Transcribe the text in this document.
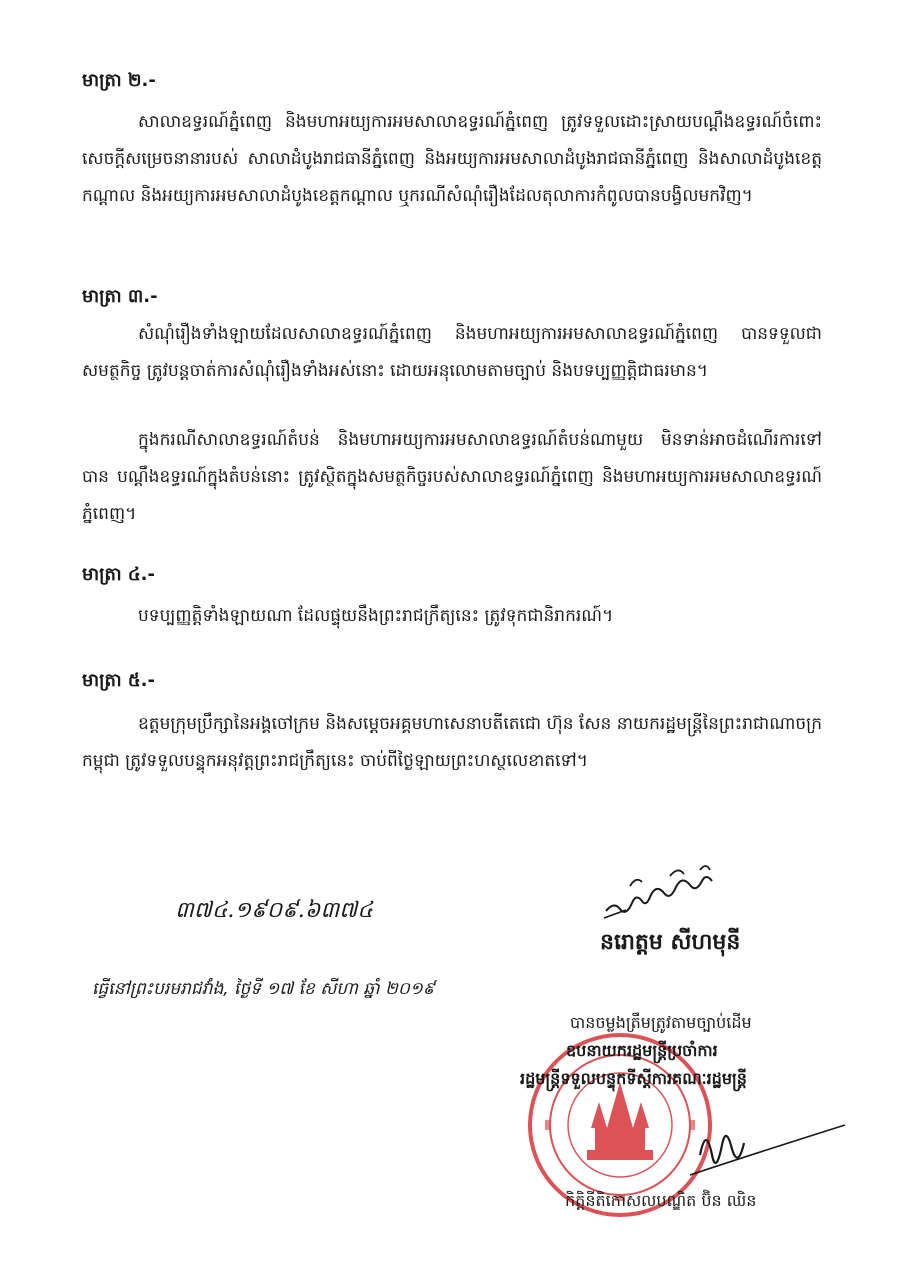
មាត្រា ២.-

សាលាឧទ្ធរណ៍ភ្នំពេញ និងមហាអយ្យការអមសាលាឧទ្ធរណ៍ភ្នំពេញ ត្រូវទទួលដោះស្រាយបណ្ដឹងឧទ្ធរណ៍ចំពោះសេចក្ដីសម្រេចនានារបស់ សាលាដំបូងរាជធានីភ្នំពេញ និងអយ្យការអមសាលាដំបូងរាជធានីភ្នំពេញ និងសាលាដំបូងខេត្តកណ្ដាល និងអយ្យការអមសាលាដំបូងខេត្តកណ្ដាល ឬករណីសំណុំរឿងដែលតុលាការកំពូលបានបង្វិលមកវិញ។

មាត្រា ៣.-

សំណុំរឿងទាំងឡាយដែលសាលាឧទ្ធរណ៍ភ្នំពេញ និងមហាអយ្យការអមសាលាឧទ្ធរណ៍ភ្នំពេញ បានទទួលជាសមត្ថកិច្ច ត្រូវបន្តចាត់ការសំណុំរឿងទាំងអស់នោះ ដោយអនុលោមតាមច្បាប់ និងបទប្បញ្ញត្តិជាធរមាន។

ក្នុងករណីសាលាឧទ្ធរណ៍តំបន់ និងមហាអយ្យការអមសាលាឧទ្ធរណ៍តំបន់ណាមួយ មិនទាន់អាចដំណើរការទៅបាន បណ្ដឹងឧទ្ធរណ៍ក្នុងតំបន់នោះ ត្រូវស្ថិតក្នុងសមត្ថកិច្ចរបស់សាលាឧទ្ធរណ៍ភ្នំពេញ និងមហាអយ្យការអមសាលាឧទ្ធរណ៍ភ្នំពេញ។

មាត្រា ៤.-

បទប្បញ្ញត្តិទាំងឡាយណា ដែលផ្ទុយនឹងព្រះរាជក្រឹត្យនេះ ត្រូវទុកជានិរាករណ៍។

មាត្រា ៥.-

ឧត្តមក្រុមប្រឹក្សានៃអង្គចៅក្រម និងសម្ដេចអគ្គមហាសេនាបតីតេជោ ហ៊ុន សែន នាយករដ្ឋមន្ត្រីនៃព្រះរាជាណាចក្រកម្ពុជា ត្រូវទទួលបន្ទុកអនុវត្តព្រះរាជក្រឹត្យនេះ ចាប់ពីថ្ងៃឡាយព្រះហស្ថលេខាតទៅ។

៣៧៤.១៩០៩.៦៣៧៤
នរោត្តម សីហមុនី
ធ្វើនៅព្រះបរមរាជវាំង, ថ្ងៃទី ១៧ ខែ សីហា ឆ្នាំ ២០១៩
បានចម្លងត្រឹមត្រូវតាមច្បាប់ដើម
ឧបនាយករដ្ឋមន្ត្រីប្រចាំការ
រដ្ឋមន្ត្រីទទួលបន្ទុកទីស្ដីការគណៈរដ្ឋមន្ត្រី
កិត្តិនីតិកោសលបណ្ឌិត ប៊ិន ឈិន
